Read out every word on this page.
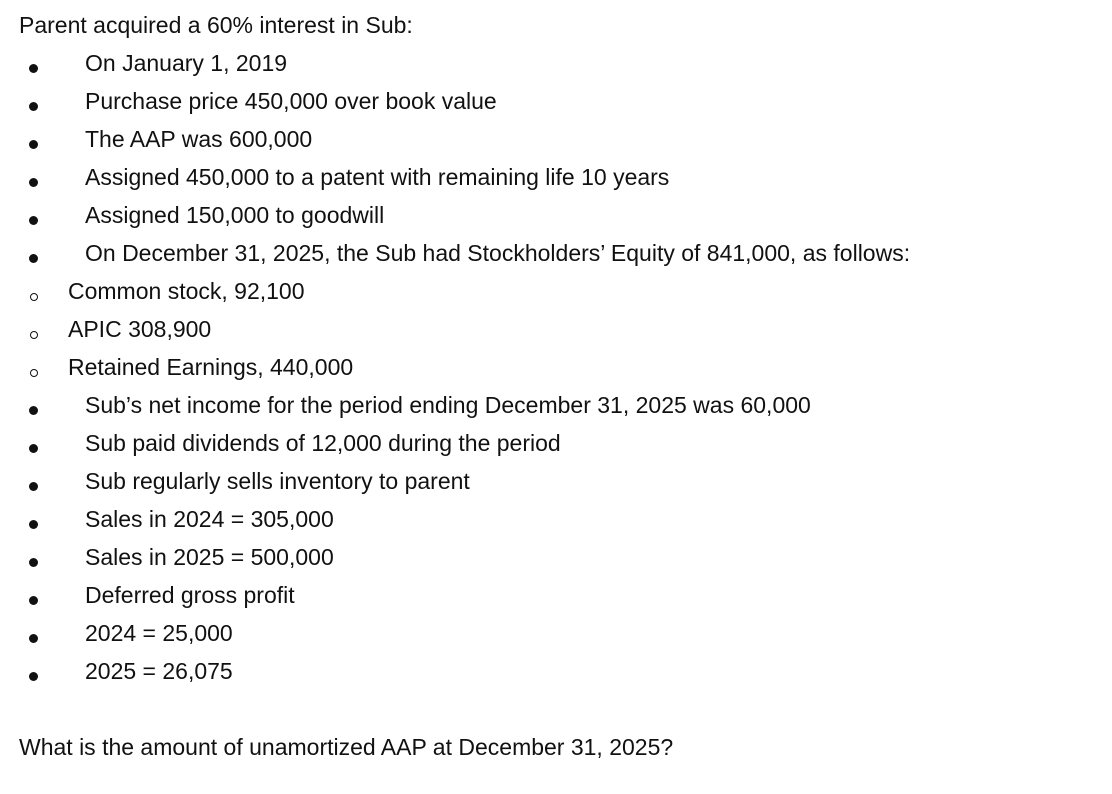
Parent acquired a 60% interest in Sub:
On January 1, 2019
Purchase price 450,000 over book value
The AAP was 600,000
Assigned 450,000 to a patent with remaining life 10 years
Assigned 150,000 to goodwill
On December 31, 2025, the Sub had Stockholders’ Equity of 841,000, as follows:
Common stock, 92,100
APIC 308,900
Retained Earnings, 440,000
Sub’s net income for the period ending December 31, 2025 was 60,000
Sub paid dividends of 12,000 during the period
Sub regularly sells inventory to parent
Sales in 2024 = 305,000
Sales in 2025 = 500,000
Deferred gross profit
2024 = 25,000
2025 = 26,075
What is the amount of unamortized AAP at December 31, 2025?
